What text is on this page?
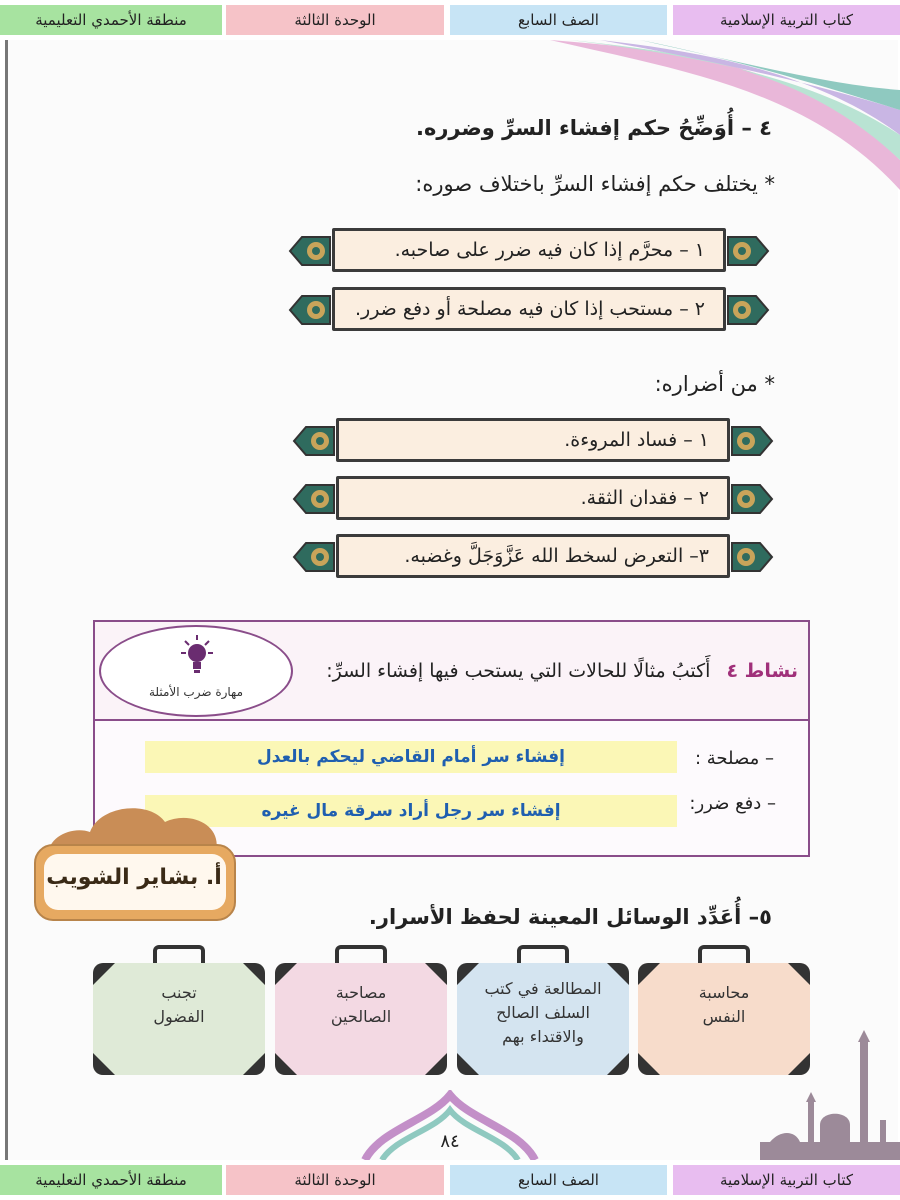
منطقة الأحمدي التعليمية	الوحدة الثالثة	الصف السابع	كتاب التربية الإسلامية
٤ – أُوَضِّحُ حكم إفشاء السرِّ وضرره.
* يختلف حكم إفشاء السرِّ باختلاف صوره:
١ – محرَّم إذا كان فيه ضرر على صاحبه.
٢ – مستحب إذا كان فيه مصلحة أو دفع ضرر.
* من أضراره:
١ – فساد المروءة.
٢ – فقدان الثقة.
٣– التعرض لسخط الله عَزَّوَجَلَّ وغضبه.
نشاط ٤أَكتبُ مثالًا للحالات التي يستحب فيها إفشاء السرِّ:
مهارة ضرب الأمثلة
– مصلحة :
إفشاء سر أمام القاضي ليحكم بالعدل
– دفع ضرر:
إفشاء سر رجل أراد سرقة مال غيره
أ. بشاير الشويب
٥– أُعَدِّد الوسائل المعينة لحفظ الأسرار.
محاسبة النفس
المطالعة في كتب السلف الصالح والاقتداء بهم
مصاحبة الصالحين
تجنب الفضول
٨٤
منطقة الأحمدي التعليمية	الوحدة الثالثة	الصف السابع	كتاب التربية الإسلامية
